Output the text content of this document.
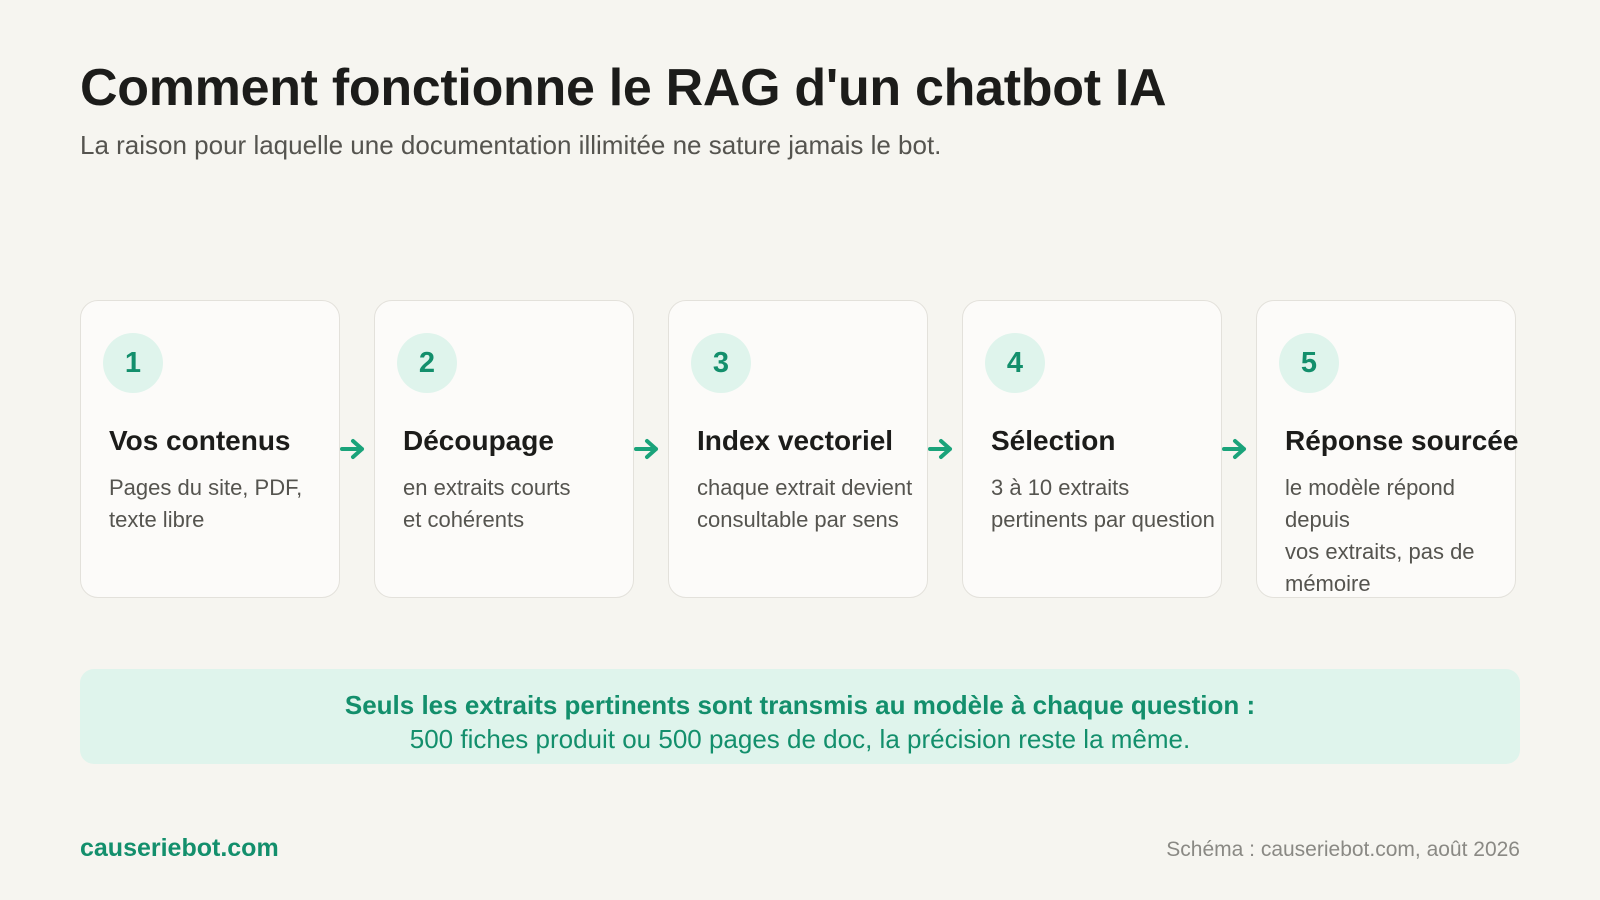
Comment fonctionne le RAG d'un chatbot IA

La raison pour laquelle une documentation illimitée ne sature jamais le bot.

1
Vos contenus
Pages du site, PDF,
texte libre
2
Découpage
en extraits courts
et cohérents
3
Index vectoriel
chaque extrait devient
consultable par sens
4
Sélection
3 à 10 extraits
pertinents par question
5
Réponse sourcée
le modèle répond depuis
vos extraits, pas de mémoire
Seuls les extraits pertinents sont transmis au modèle à chaque question :
500 fiches produit ou 500 pages de doc, la précision reste la même.
causeriebot.com	Schéma : causeriebot.com, août 2026
